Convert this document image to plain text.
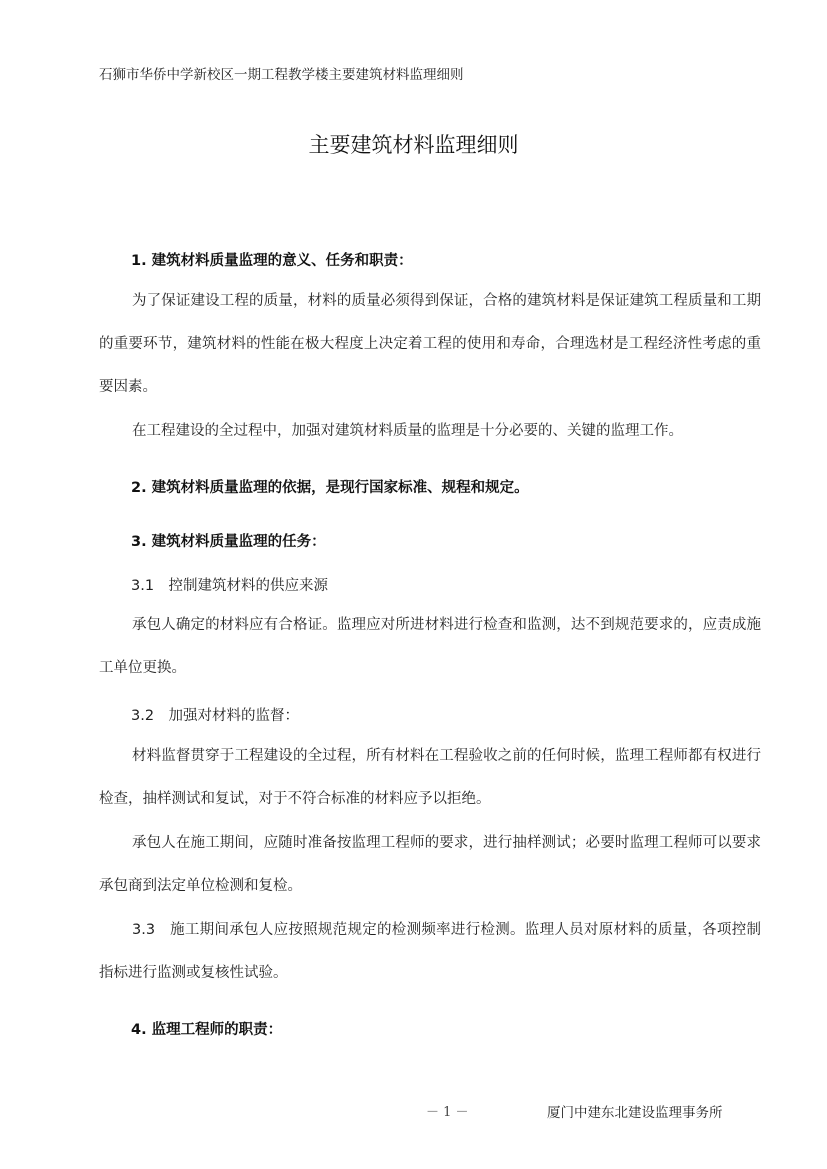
石狮市华侨中学新校区一期工程教学楼主要建筑材料监理细则
主要建筑材料监理细则
1. 建筑材料质量监理的意义、任务和职责：
为了保证建设工程的质量，材料的质量必须得到保证，合格的建筑材料是保证建筑工程质量和工期的重要环节，建筑材料的性能在极大程度上决定着工程的使用和寿命，合理选材是工程经济性考虑的重要因素。
在工程建设的全过程中，加强对建筑材料质量的监理是十分必要的、关键的监理工作。
2. 建筑材料质量监理的依据，是现行国家标准、规程和规定。
3. 建筑材料质量监理的任务：
3.1　控制建筑材料的供应来源
承包人确定的材料应有合格证。监理应对所进材料进行检查和监测，达不到规范要求的，应责成施工单位更换。
3.2　加强对材料的监督：
材料监督贯穿于工程建设的全过程，所有材料在工程验收之前的任何时候，监理工程师都有权进行检查，抽样测试和复试，对于不符合标准的材料应予以拒绝。
承包人在施工期间，应随时准备按监理工程师的要求，进行抽样测试；必要时监理工程师可以要求承包商到法定单位检测和复检。
3.3　施工期间承包人应按照规范规定的检测频率进行检测。监理人员对原材料的质量，各项控制指标进行监测或复核性试验。
4. 监理工程师的职责：
－ 1 －	厦门中建东北建设监理事务所
